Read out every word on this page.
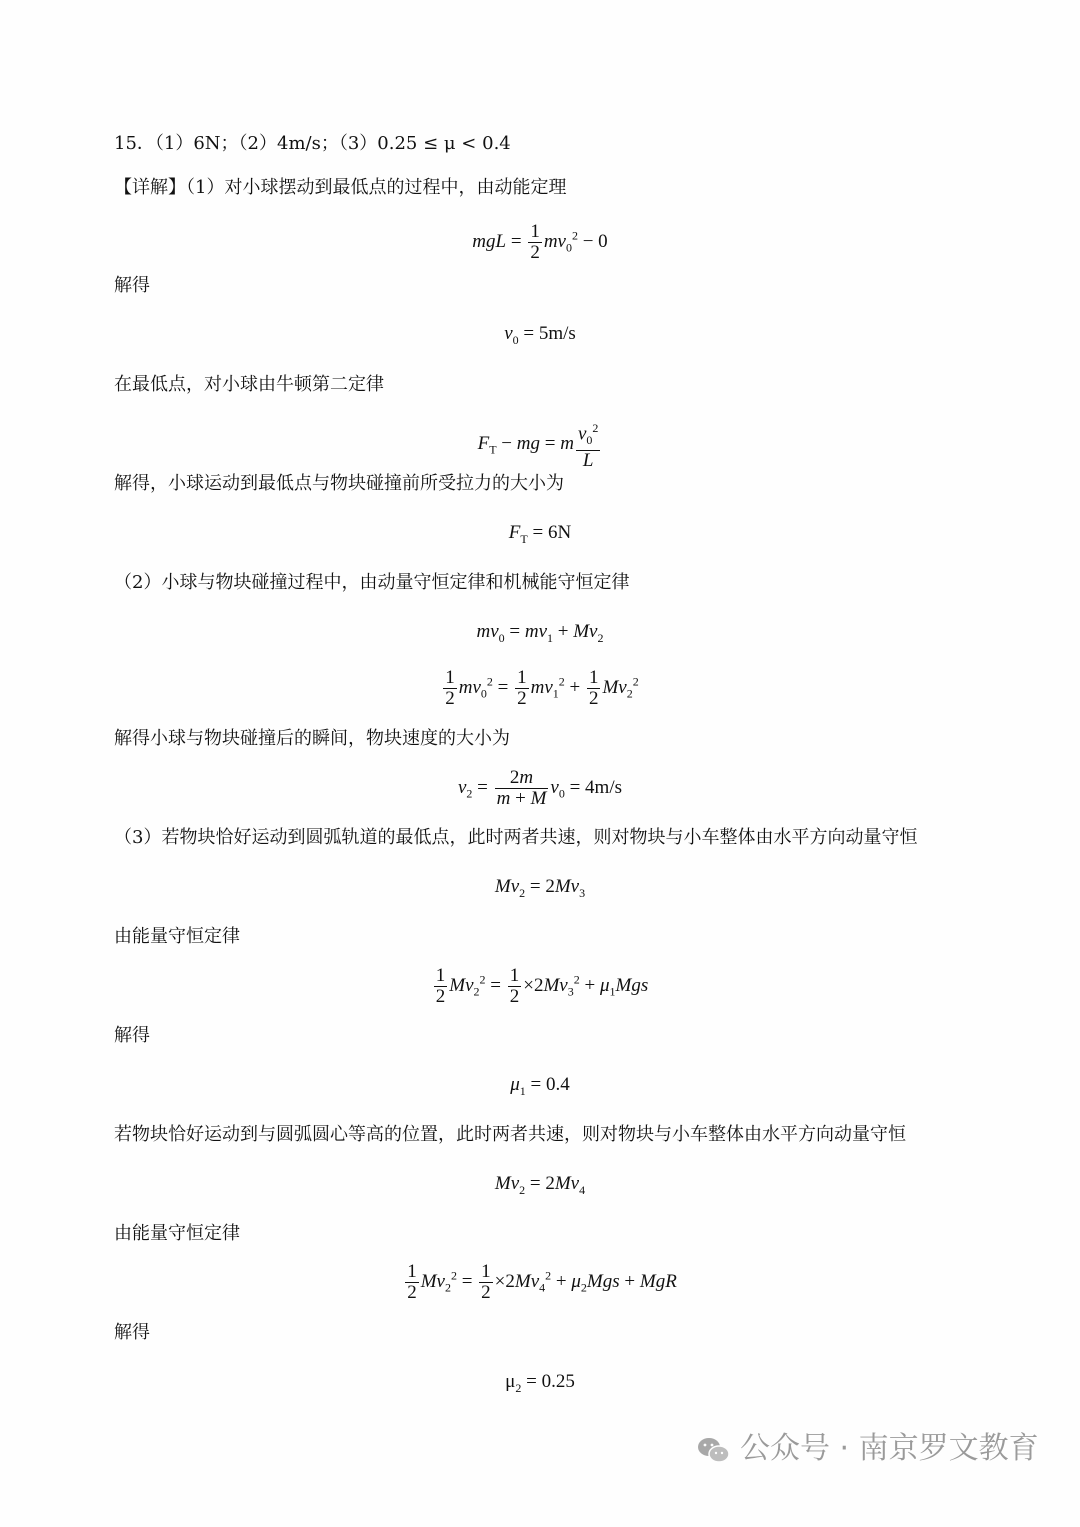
15．（1）6N；（2）4m/s；（3）0.25 ≤ μ < 0.4
【详解】（1）对小球摆动到最低点的过程中，由动能定理
mgL = $\frac{1}{2} mv_0^2 - 0$
解得
$v_0 = 5m/s$
在最低点，对小球由牛顿第二定律
$F_T$ − mg = m $\frac{v_0^2}{L}$
解得，小球运动到最低点与物块碰撞前所受拉力的大小为
$F_T = 6N$
（2）小球与物块碰撞过程中，由动量守恒定律和机械能守恒定律
$mv_0 = mv_1 + Mv_2$
$\frac{1}{2} mv_0^2 = \frac{1}{2} mv_1^2 + \frac{1}{2} Mv_2^2$
解得小球与物块碰撞后的瞬间，物块速度的大小为
$v_2 = \frac{2m}{m + M} v_0 = 4m/s$
（3）若物块恰好运动到圆弧轨道的最低点，此时两者共速，则对物块与小车整体由水平方向动量守恒
$Mv_2 = 2Mv_3$
由能量守恒定律
$\frac{1}{2} Mv_2^2 = \frac{1}{2} \times 2Mv_3^2 + \mu_1Mgs$
解得
$\mu_1 = 0.4$
若物块恰好运动到与圆弧圆心等高的位置，此时两者共速，则对物块与小车整体由水平方向动量守恒
$Mv_2 = 2Mv_4$
由能量守恒定律
$\frac{1}{2} Mv_2^2 = \frac{1}{2} \times 2Mv_4^2 + \mu_2Mgs$ + MgR
解得
$\mu_2 = 0.25$
公众号 · 南京罗文教育
